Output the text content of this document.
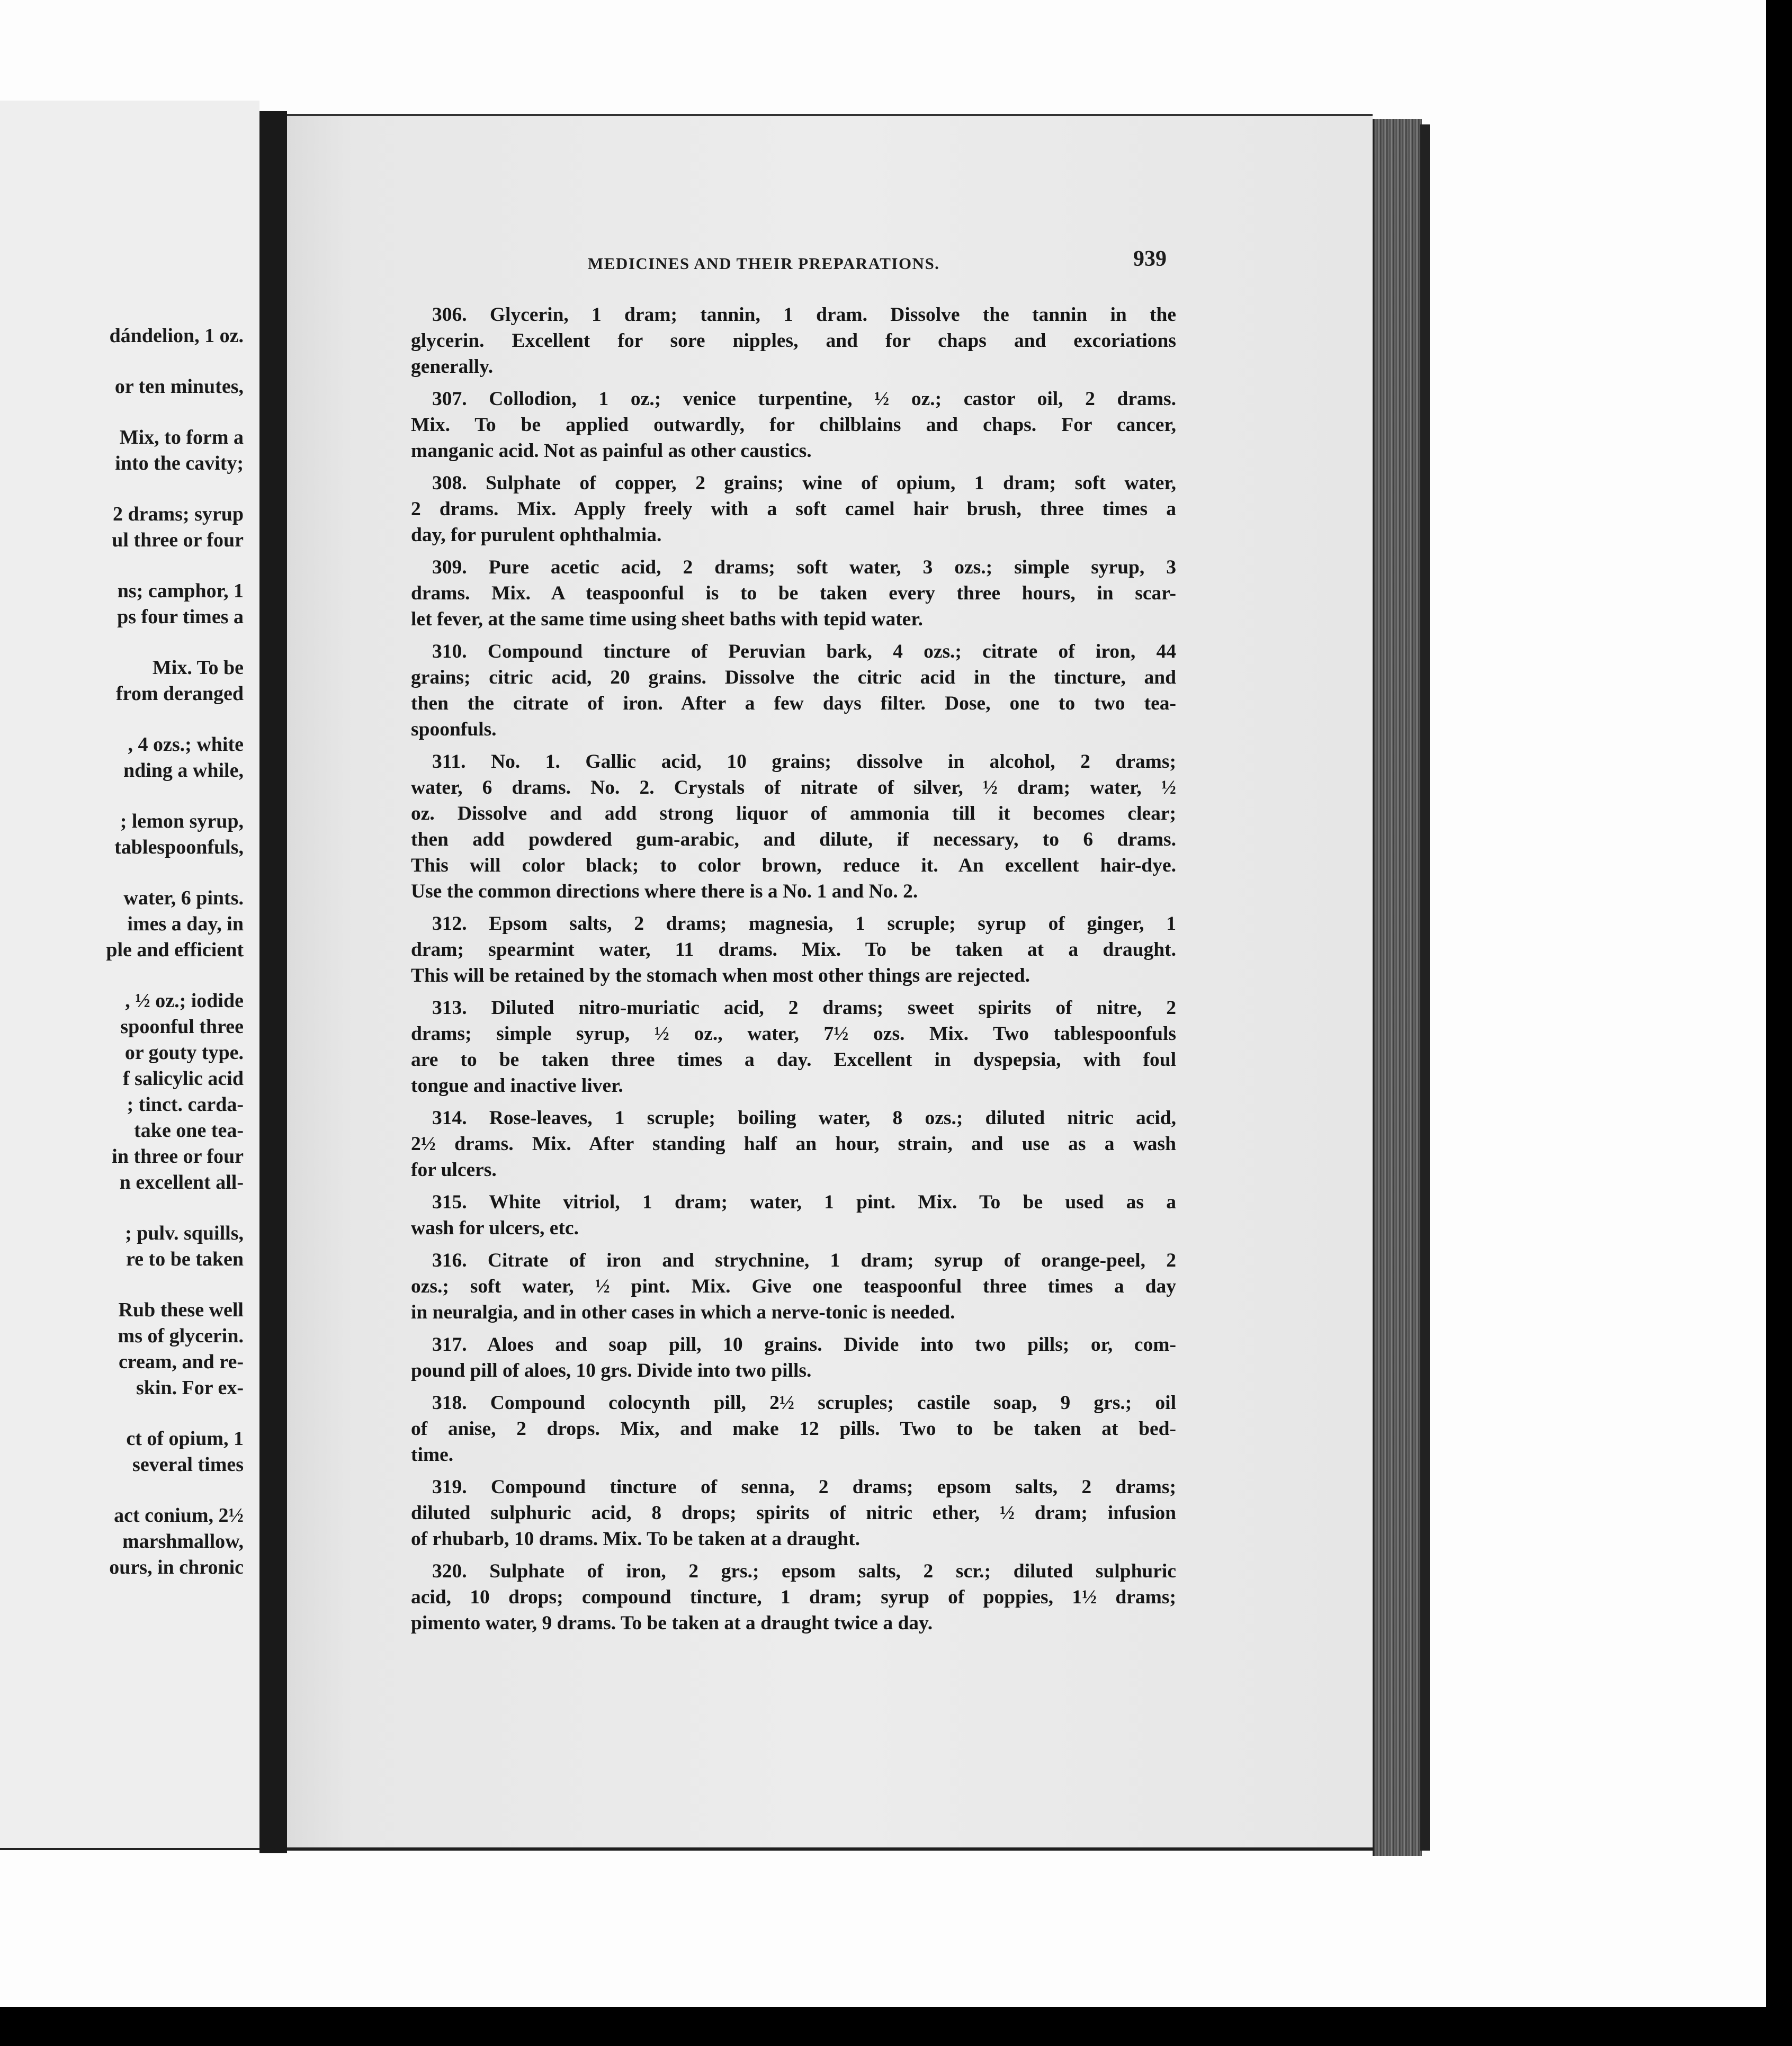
dándelion, 1 oz.
or ten minutes,
Mix, to form a
into the cavity;
2 drams; syrup
ul three or four
ns; camphor, 1
ps four times a
Mix. To be
from deranged
, 4 ozs.; white
nding a while,
; lemon syrup,
tablespoonfuls,
water, 6 pints.
imes a day, in
ple and efficient
, ½ oz.; iodide
spoonful three
or gouty type.
f salicylic acid
; tinct. carda-
take one tea-
in three or four
n excellent all-
; pulv. squills,
re to be taken
Rub these well
ms of glycerin.
cream, and re-
skin. For ex-
ct of opium, 1
several times
act conium, 2½
marshmallow,
ours, in chronic
MEDICINES AND THEIR PREPARATIONS.	939
306. Glycerin, 1 dram; tannin, 1 dram. Dissolve the tannin in the
glycerin. Excellent for sore nipples, and for chaps and excoriations
generally.
307. Collodion, 1 oz.; venice turpentine, ½ oz.; castor oil, 2 drams.
Mix. To be applied outwardly, for chilblains and chaps. For cancer,
manganic acid. Not as painful as other caustics.
308. Sulphate of copper, 2 grains; wine of opium, 1 dram; soft water,
2 drams. Mix. Apply freely with a soft camel hair brush, three times a
day, for purulent ophthalmia.
309. Pure acetic acid, 2 drams; soft water, 3 ozs.; simple syrup, 3
drams. Mix. A teaspoonful is to be taken every three hours, in scar-
let fever, at the same time using sheet baths with tepid water.
310. Compound tincture of Peruvian bark, 4 ozs.; citrate of iron, 44
grains; citric acid, 20 grains. Dissolve the citric acid in the tincture, and
then the citrate of iron. After a few days filter. Dose, one to two tea-
spoonfuls.
311. No. 1. Gallic acid, 10 grains; dissolve in alcohol, 2 drams;
water, 6 drams. No. 2. Crystals of nitrate of silver, ½ dram; water, ½
oz. Dissolve and add strong liquor of ammonia till it becomes clear;
then add powdered gum-arabic, and dilute, if necessary, to 6 drams.
This will color black; to color brown, reduce it. An excellent hair-dye.
Use the common directions where there is a No. 1 and No. 2.
312. Epsom salts, 2 drams; magnesia, 1 scruple; syrup of ginger, 1
dram; spearmint water, 11 drams. Mix. To be taken at a draught.
This will be retained by the stomach when most other things are rejected.
313. Diluted nitro-muriatic acid, 2 drams; sweet spirits of nitre, 2
drams; simple syrup, ½ oz., water, 7½ ozs. Mix. Two tablespoonfuls
are to be taken three times a day. Excellent in dyspepsia, with foul
tongue and inactive liver.
314. Rose-leaves, 1 scruple; boiling water, 8 ozs.; diluted nitric acid,
2½ drams. Mix. After standing half an hour, strain, and use as a wash
for ulcers.
315. White vitriol, 1 dram; water, 1 pint. Mix. To be used as a
wash for ulcers, etc.
316. Citrate of iron and strychnine, 1 dram; syrup of orange-peel, 2
ozs.; soft water, ½ pint. Mix. Give one teaspoonful three times a day
in neuralgia, and in other cases in which a nerve-tonic is needed.
317. Aloes and soap pill, 10 grains. Divide into two pills; or, com-
pound pill of aloes, 10 grs. Divide into two pills.
318. Compound colocynth pill, 2½ scruples; castile soap, 9 grs.; oil
of anise, 2 drops. Mix, and make 12 pills. Two to be taken at bed-
time.
319. Compound tincture of senna, 2 drams; epsom salts, 2 drams;
diluted sulphuric acid, 8 drops; spirits of nitric ether, ½ dram; infusion
of rhubarb, 10 drams. Mix. To be taken at a draught.
320. Sulphate of iron, 2 grs.; epsom salts, 2 scr.; diluted sulphuric
acid, 10 drops; compound tincture, 1 dram; syrup of poppies, 1½ drams;
pimento water, 9 drams. To be taken at a draught twice a day.
